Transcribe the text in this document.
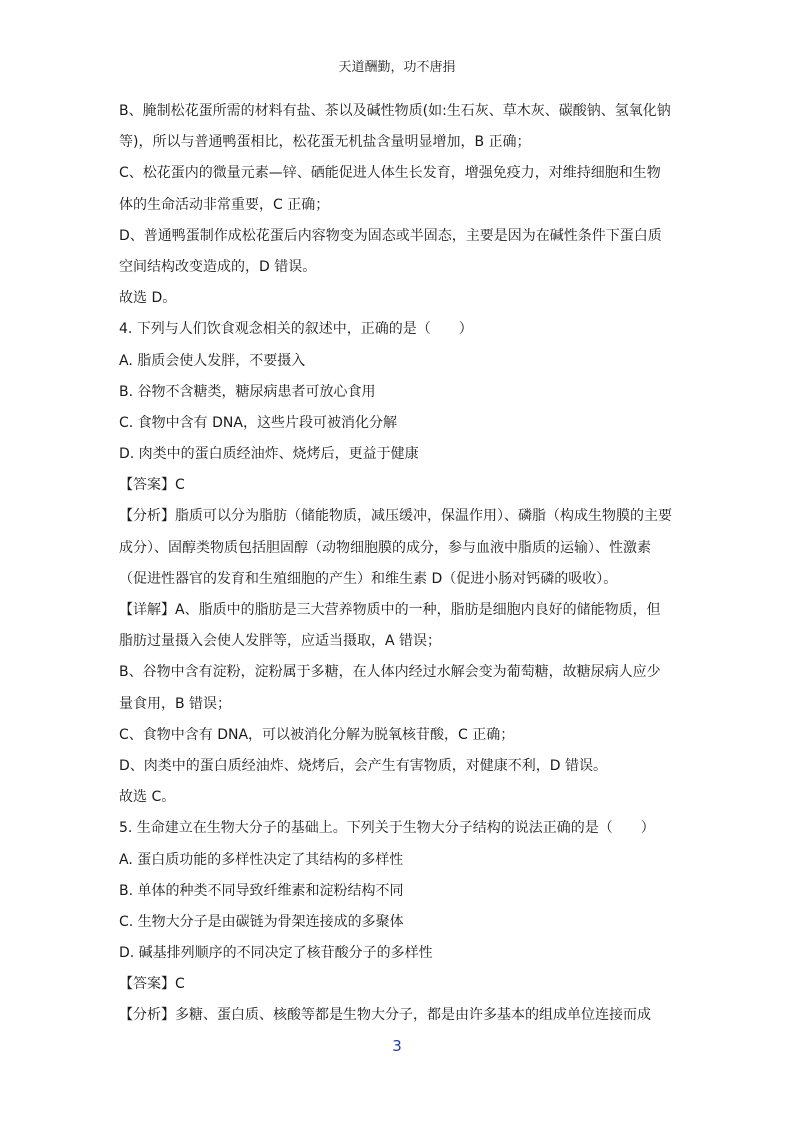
天道酬勤，功不唐捐
B、腌制松花蛋所需的材料有盐、茶以及碱性物质(如:生石灰、草木灰、碳酸钠、氢氧化钠
等)，所以与普通鸭蛋相比，松花蛋无机盐含量明显增加，B 正确；
C、松花蛋内的微量元素—锌、硒能促进人体生长发育，增强免疫力，对维持细胞和生物
体的生命活动非常重要，C 正确；
D、普通鸭蛋制作成松花蛋后内容物变为固态或半固态，主要是因为在碱性条件下蛋白质
空间结构改变造成的，D 错误。
故选 D。
4. 下列与人们饮食观念相关的叙述中，正确的是（　　）
A. 脂质会使人发胖，不要摄入
B. 谷物不含糖类，糖尿病患者可放心食用
C. 食物中含有 DNA，这些片段可被消化分解
D. 肉类中的蛋白质经油炸、烧烤后，更益于健康
【答案】C
【分析】脂质可以分为脂肪（储能物质，减压缓冲，保温作用）、磷脂（构成生物膜的主要
成分）、固醇类物质包括胆固醇（动物细胞膜的成分，参与血液中脂质的运输）、性激素
（促进性器官的发育和生殖细胞的产生）和维生素 D（促进小肠对钙磷的吸收）。
【详解】A、脂质中的脂肪是三大营养物质中的一种，脂肪是细胞内良好的储能物质，但
脂肪过量摄入会使人发胖等，应适当摄取，A 错误；
B、谷物中含有淀粉，淀粉属于多糖，在人体内经过水解会变为葡萄糖，故糖尿病人应少
量食用，B 错误；
C、食物中含有 DNA，可以被消化分解为脱氧核苷酸，C 正确；
D、肉类中的蛋白质经油炸、烧烤后，会产生有害物质，对健康不利，D 错误。
故选 C。
5. 生命建立在生物大分子的基础上。下列关于生物大分子结构的说法正确的是（　　）
A. 蛋白质功能的多样性决定了其结构的多样性
B. 单体的种类不同导致纤维素和淀粉结构不同
C. 生物大分子是由碳链为骨架连接成的多聚体
D. 碱基排列顺序的不同决定了核苷酸分子的多样性
【答案】C
【分析】多糖、蛋白质、核酸等都是生物大分子，都是由许多基本的组成单位连接而成
3
